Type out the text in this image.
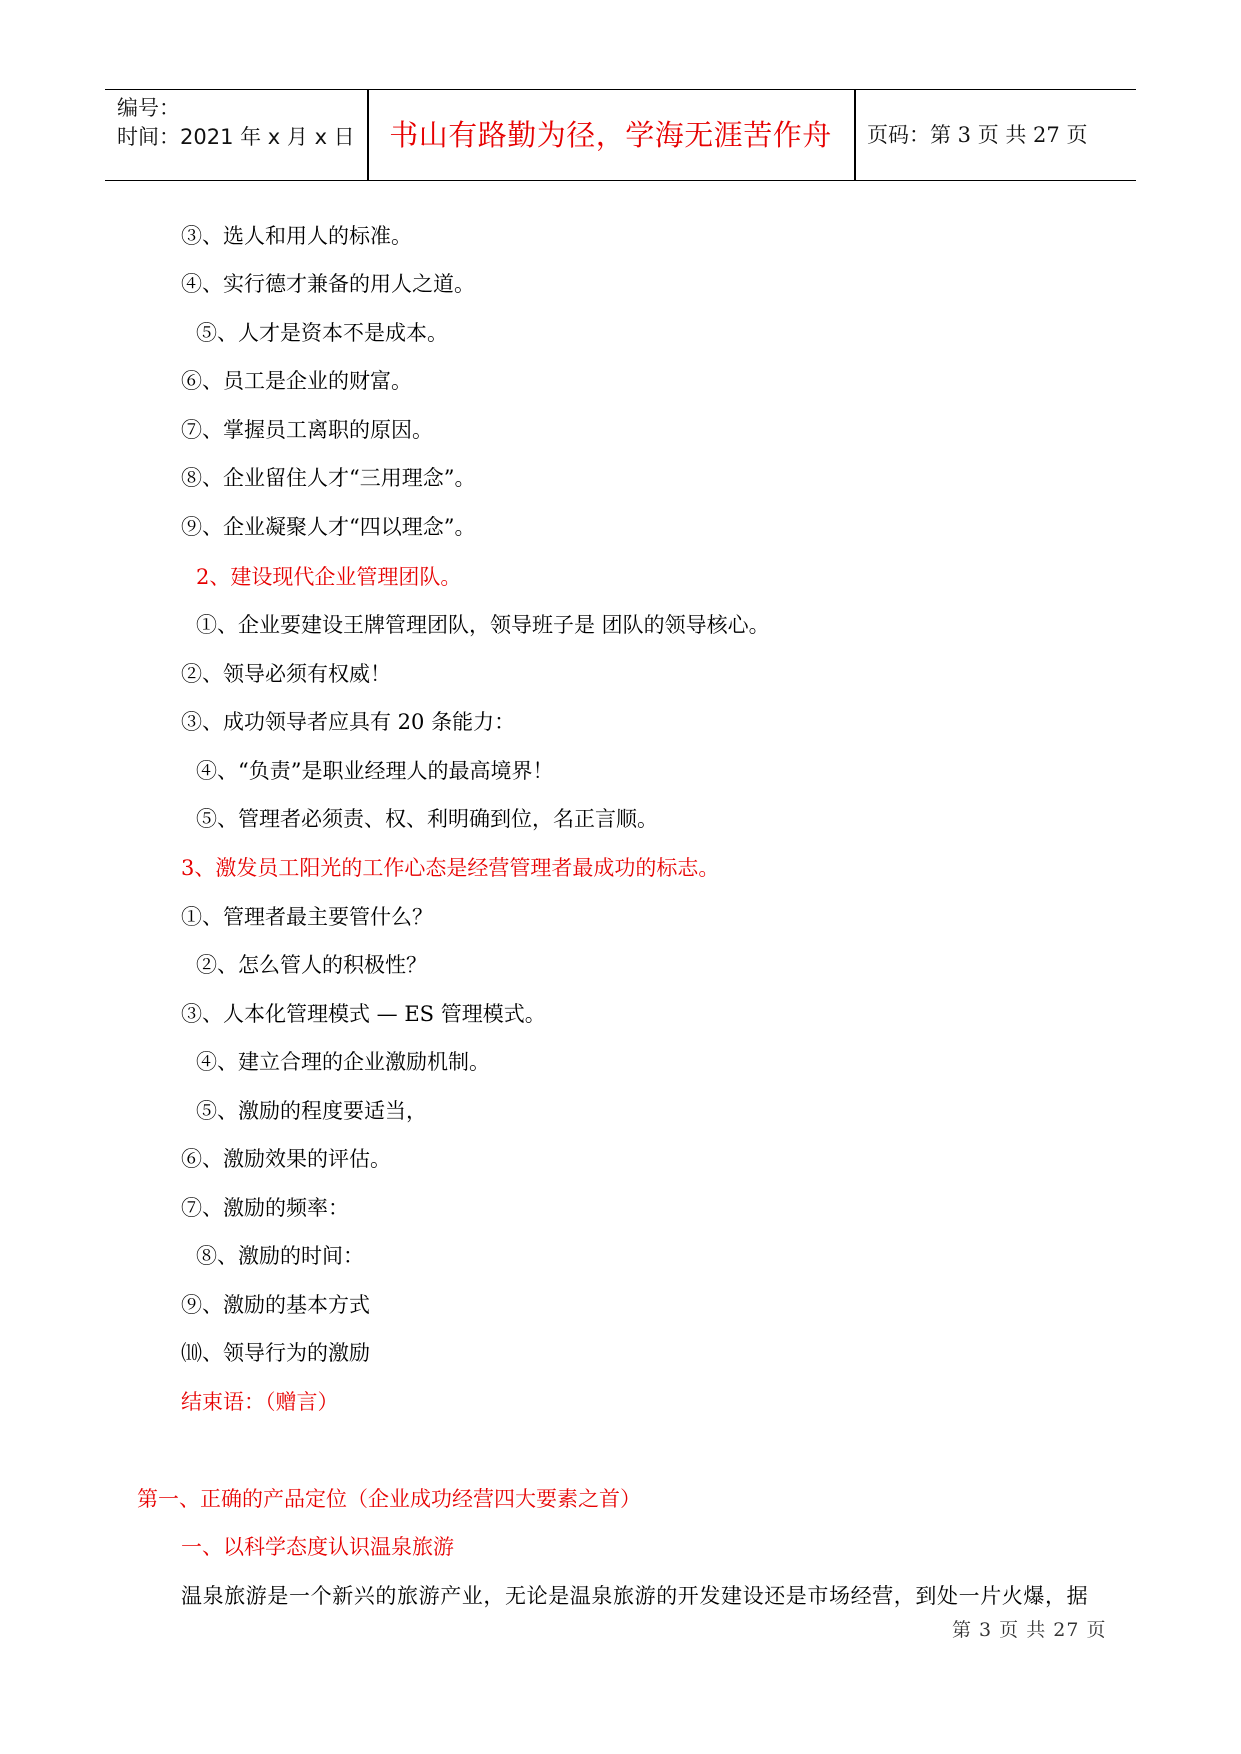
编号：
时间：2021 年 x 月 x 日	书山有路勤为径，学海无涯苦作舟	页码：第 3 页 共 27 页
③、选人和用人的标准。
④、实行德才兼备的用人之道。
⑤、人才是资本不是成本。
⑥、员工是企业的财富。
⑦、掌握员工离职的原因。
⑧、企业留住人才“三用理念”。
⑨、企业凝聚人才“四以理念”。
2、建设现代企业管理团队。
①、企业要建设王牌管理团队，领导班子是 团队的领导核心。
②、领导必须有权威！
③、成功领导者应具有 20 条能力：
④、“负责”是职业经理人的最高境界！
⑤、管理者必须责、权、利明确到位，名正言顺。
3、激发员工阳光的工作心态是经营管理者最成功的标志。
①、管理者最主要管什么？
②、怎么管人的积极性？
③、人本化管理模式 — ES 管理模式。
④、建立合理的企业激励机制。
⑤、激励的程度要适当，
⑥、激励效果的评估。
⑦、激励的频率：
⑧、激励的时间：
⑨、激励的基本方式
⑽、领导行为的激励
结束语：（赠言）
第一、正确的产品定位（企业成功经营四大要素之首）
一、以科学态度认识温泉旅游
温泉旅游是一个新兴的旅游产业，无论是温泉旅游的开发建设还是市场经营，到处一片火爆，据
第 3 页 共 27 页
